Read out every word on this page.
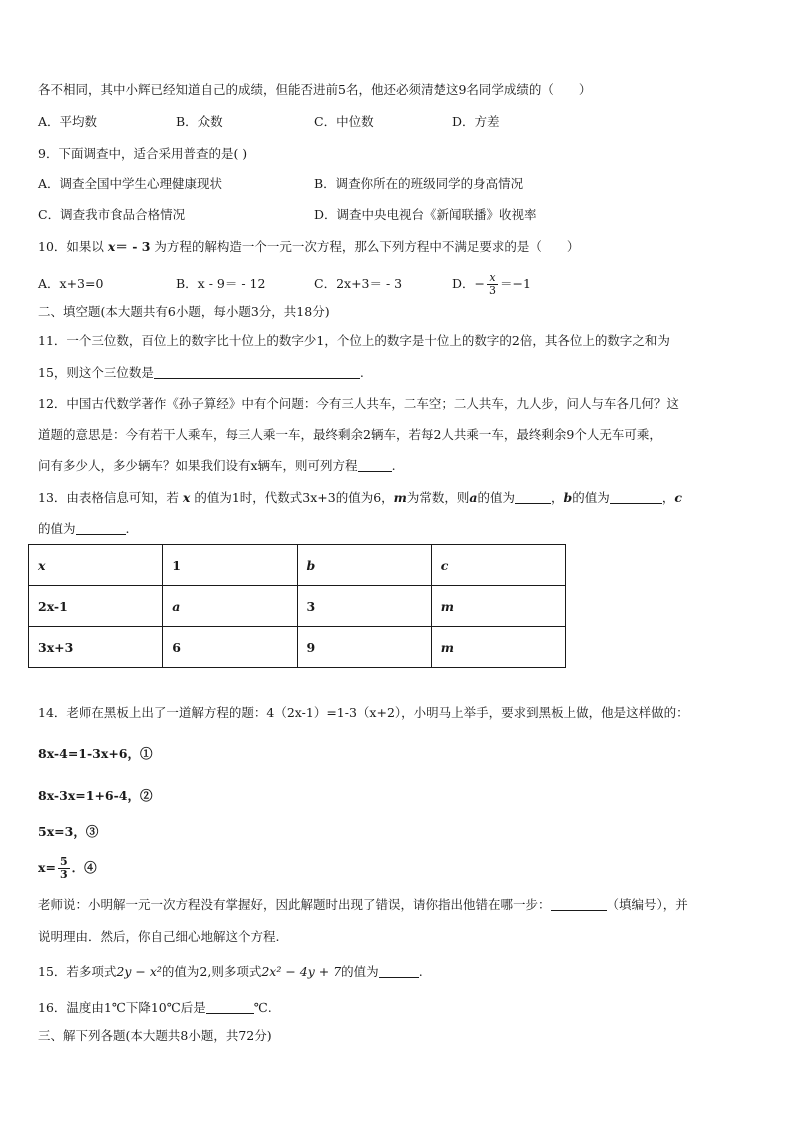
各不相同，其中小辉已经知道自己的成绩，但能否进前5名，他还必须清楚这9名同学成绩的（　　）
A．平均数	B．众数	C．中位数	D．方差
9．下面调查中，适合采用普查的是( )
A．调查全国中学生心理健康现状	B．调查你所在的班级同学的身高情况
C．调查我市食品合格情况	D．调查中央电视台《新闻联播》收视率
10．如果以 x＝ - 3 为方程的解构造一个一元一次方程，那么下列方程中不满足要求的是（　　）
A．x+3=0	B．x - 9＝ - 12	C．2x+3＝ - 3	D．− $\frac{x}{3} =-1$
二、填空题(本大题共有6小题，每小题3分，共18分)
11．一个三位数，百位上的数字比十位上的数字少1，个位上的数字是十位上的数字的2倍，其各位上的数字之和为
15，则这个三位数是	.
12．中国古代数学著作《孙子算经》中有个问题：今有三人共车，二车空；二人共车，九人步，问人与车各几何？这
道题的意思是：今有若干人乘车，每三人乘一车，最终剩余2辆车，若每2人共乘一车，最终剩余9个人无车可乘，
问有多少人，多少辆车？如果我们设有x辆车，则可列方程	.
13．由表格信息可知，若 x 的值为1时，代数式3x+3的值为6，m为常数，则a的值为	，b的值为	，c
的值为	.
x	1	b	c
2x-1	a	3	m
3x+3	6	9	m
14．老师在黑板上出了一道解方程的题：4（2x-1）=1-3（x+2），小明马上举手，要求到黑板上做，他是这样做的：
8x-4=1-3x+6，①
8x-3x=1+6-4，②
5x=3，③
$x= \frac{5}{3}$ ．④
老师说：小明解一元一次方程没有掌握好，因此解题时出现了错误，请你指出他错在哪一步：	（填编号），并
说明理由．然后，你自己细心地解这个方程.
15．若多项式2y − x²的值为2,则多项式2x² − 4y + 7的值为	.
16．温度由1℃下降10℃后是	℃.
三、解下列各题(本大题共8小题，共72分)
